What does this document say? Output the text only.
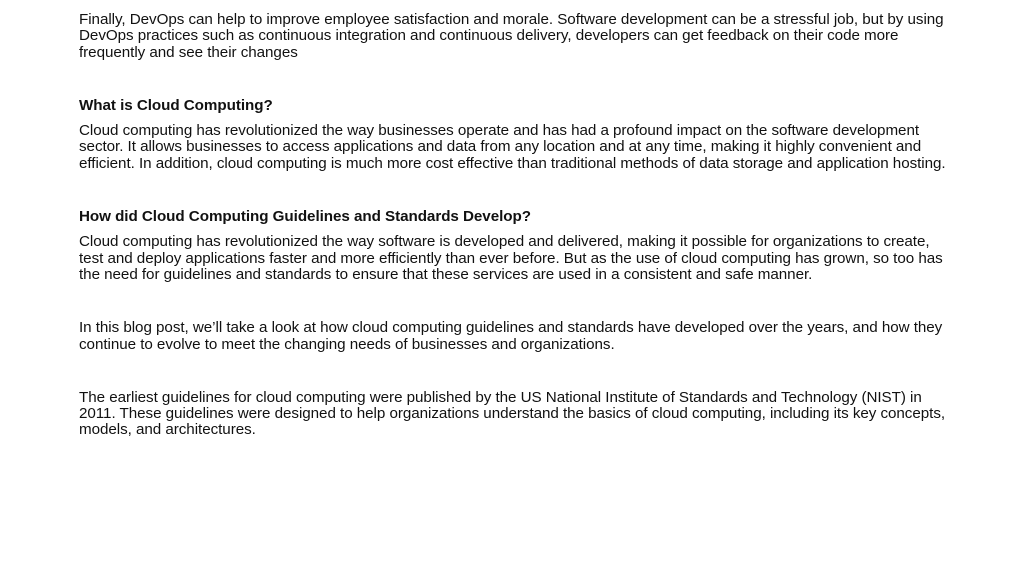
Finally, DevOps can help to improve employee satisfaction and morale. Software development can be a stressful job, but by using DevOps practices such as continuous integration and continuous delivery, developers can get feedback on their code more frequently and see their changes

What is Cloud Computing?

Cloud computing has revolutionized the way businesses operate and has had a profound impact on the software development sector. It allows businesses to access applications and data from any location and at any time, making it highly convenient and efficient. In addition, cloud computing is much more cost effective than traditional methods of data storage and application hosting.

How did Cloud Computing Guidelines and Standards Develop?

Cloud computing has revolutionized the way software is developed and delivered, making it possible for organizations to create, test and deploy applications faster and more efficiently than ever before. But as the use of cloud computing has grown, so too has the need for guidelines and standards to ensure that these services are used in a consistent and safe manner.

In this blog post, we’ll take a look at how cloud computing guidelines and standards have developed over the years, and how they continue to evolve to meet the changing needs of businesses and organizations.

The earliest guidelines for cloud computing were published by the US National Institute of Standards and Technology (NIST) in 2011. These guidelines were designed to help organizations understand the basics of cloud computing, including its key concepts, models, and architectures.
